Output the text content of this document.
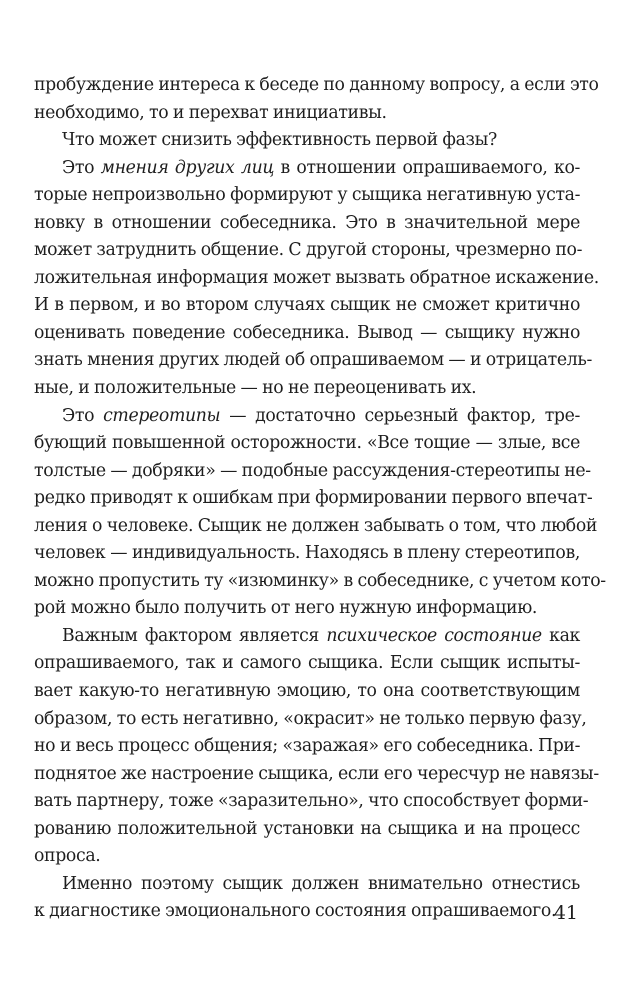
пробуждение интереса к беседе по данному вопросу, а если это
необходимо, то и перехват инициативы.
Что может снизить эффективность первой фазы?
Это мнения других лиц в отношении опрашиваемого, ко-
торые непроизвольно формируют у сыщика негативную уста-
новку в отношении собеседника. Это в значительной мере
может затруднить общение. С другой стороны, чрезмерно по-
ложительная информация может вызвать обратное искажение.
И в первом, и во втором случаях сыщик не сможет критично
оценивать поведение собеседника. Вывод — сыщику нужно
знать мнения других людей об опрашиваемом — и отрицатель-
ные, и положительные — но не переоценивать их.
Это стереотипы — достаточно серьезный фактор, тре-
бующий повышенной осторожности. «Все тощие — злые, все
толстые — добряки» — подобные рассуждения-стереотипы не-
редко приводят к ошибкам при формировании первого впечат-
ления о человеке. Сыщик не должен забывать о том, что любой
человек — индивидуальность. Находясь в плену стереотипов,
можно пропустить ту «изюминку» в собеседнике, с учетом кото-
рой можно было получить от него нужную информацию.
Важным фактором является психическое состояние как
опрашиваемого, так и самого сыщика. Если сыщик испыты-
вает какую-то негативную эмоцию, то она соответствующим
образом, то есть негативно, «окрасит» не только первую фазу,
но и весь процесс общения; «заражая» его собеседника. При-
поднятое же настроение сыщика, если его чересчур не навязы-
вать партнеру, тоже «заразительно», что способствует форми-
рованию положительной установки на сыщика и на процесс
опроса.
Именно поэтому сыщик должен внимательно отнестись
к диагностике эмоционального состояния опрашиваемого.
41
